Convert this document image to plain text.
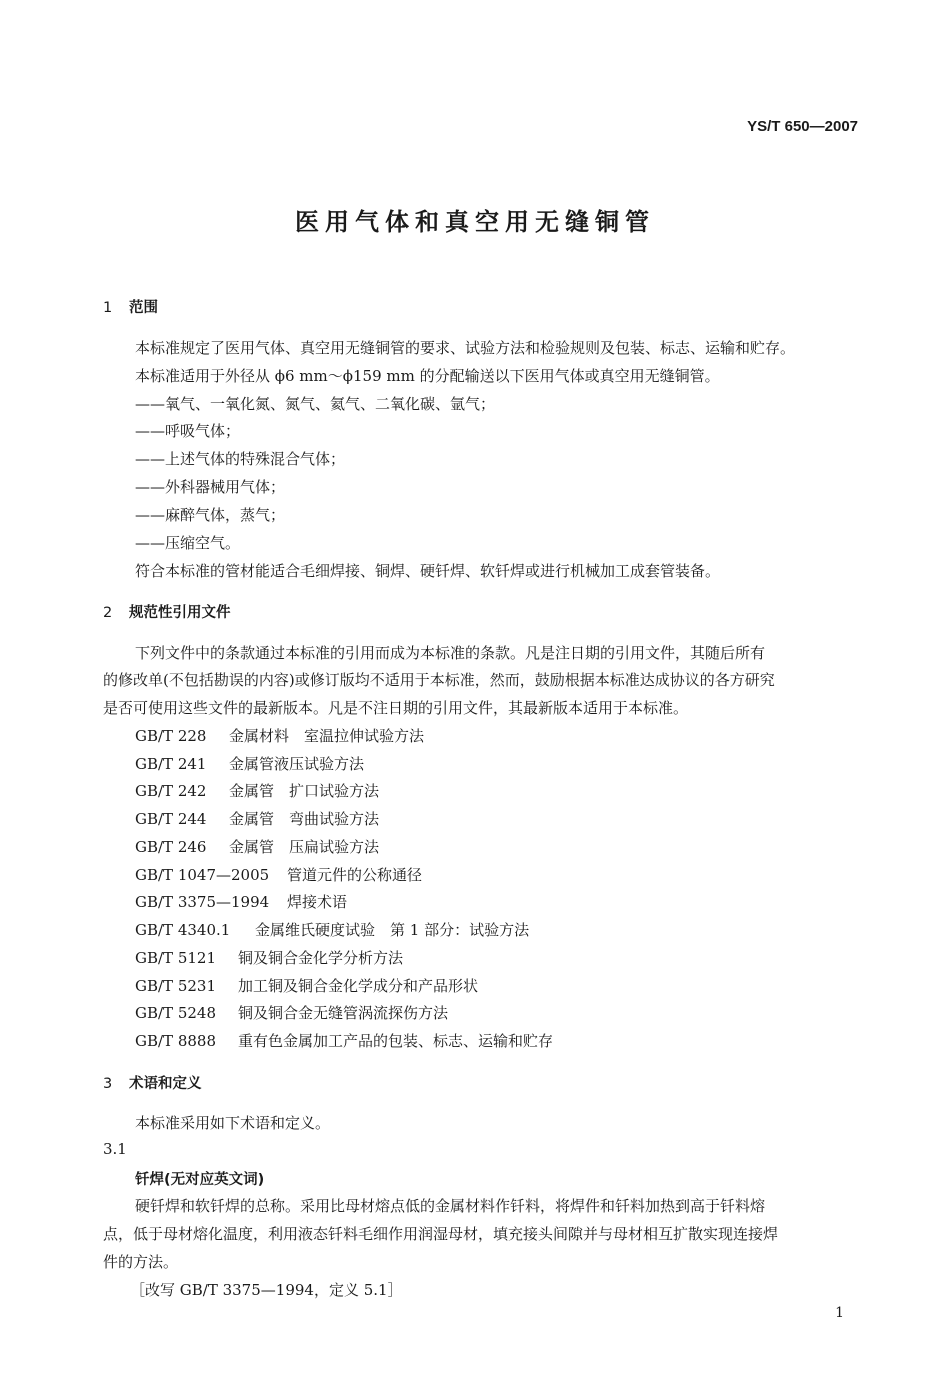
YS/T 650—2007
医用气体和真空用无缝铜管
1 范围
本标准规定了医用气体、真空用无缝铜管的要求、试验方法和检验规则及包装、标志、运输和贮存。
本标准适用于外径从 ϕ6 mm～ϕ159 mm 的分配输送以下医用气体或真空用无缝铜管。
——氧气、一氧化氮、氮气、氦气、二氧化碳、氩气；
——呼吸气体；
——上述气体的特殊混合气体；
——外科器械用气体；
——麻醉气体，蒸气；
——压缩空气。
符合本标准的管材能适合毛细焊接、铜焊、硬钎焊、软钎焊或进行机械加工成套管装备。
2 规范性引用文件
下列文件中的条款通过本标准的引用而成为本标准的条款。凡是注日期的引用文件，其随后所有
的修改单(不包括勘误的内容)或修订版均不适用于本标准，然而，鼓励根据本标准达成协议的各方研究
是否可使用这些文件的最新版本。凡是不注日期的引用文件，其最新版本适用于本标准。
GB/T 228 金属材料　室温拉伸试验方法
GB/T 241 金属管液压试验方法
GB/T 242 金属管　扩口试验方法
GB/T 244 金属管　弯曲试验方法
GB/T 246 金属管　压扁试验方法
GB/T 1047—2005 管道元件的公称通径
GB/T 3375—1994 焊接术语
GB/T 4340.1 金属维氏硬度试验　第 1 部分：试验方法
GB/T 5121 铜及铜合金化学分析方法
GB/T 5231 加工铜及铜合金化学成分和产品形状
GB/T 5248 铜及铜合金无缝管涡流探伤方法
GB/T 8888 重有色金属加工产品的包装、标志、运输和贮存
3 术语和定义
本标准采用如下术语和定义。
3.1
钎焊(无对应英文词)
硬钎焊和软钎焊的总称。采用比母材熔点低的金属材料作钎料，将焊件和钎料加热到高于钎料熔
点，低于母材熔化温度，利用液态钎料毛细作用润湿母材，填充接头间隙并与母材相互扩散实现连接焊
件的方法。
［改写 GB/T 3375—1994，定义 5.1］
1
